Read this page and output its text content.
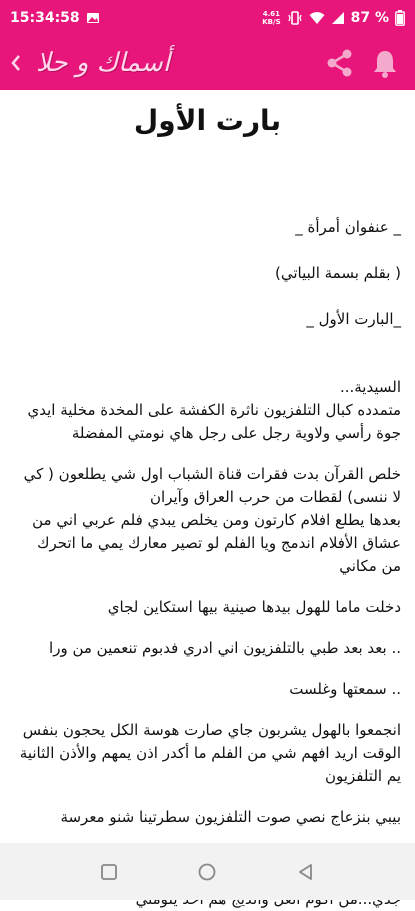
15:34:58	4.61
KB/S	87 %
أسماك و حلا
بارت الأول

_ عنفوان أمرأة _

( بقلم بسمة البياتي)

_البارت الأول _

السيدية...
متمدده كبال التلفزيون ناثرة الكفشة على المخدة مخلية ايدي جوة رأسي ولاوية رجل على رجل هاي نومتي المفضلة

خلص القرآن بدت فقرات قناة الشباب اول شي يطلعون ( كي لا ننسى) لقطات من حرب العراق وآيران
بعدها يطلع افلام كارتون ومن يخلص يبدي فلم عربي اني من عشاق الأفلام اندمج ويا الفلم لو تصير معارك يمي ما اتحرك من مكاني

دخلت ماما للهول بيدها صينية بيها استكاين لجاي

.. بعد بعد طبي بالتلفزيون اني ادري فدبوم تنعمين من ورا

.. سمعتها وغلست

انجمعوا بالهول يشربون جاي صارت هوسة الكل يحجون بنفس الوقت اريد افهم شي من الفلم ما أكدر اذن يمهم والأذن الثانية يم التلفزيون

بيبي بنزعاج نصي صوت التلفزيون سطرتينا شنو معرسة
